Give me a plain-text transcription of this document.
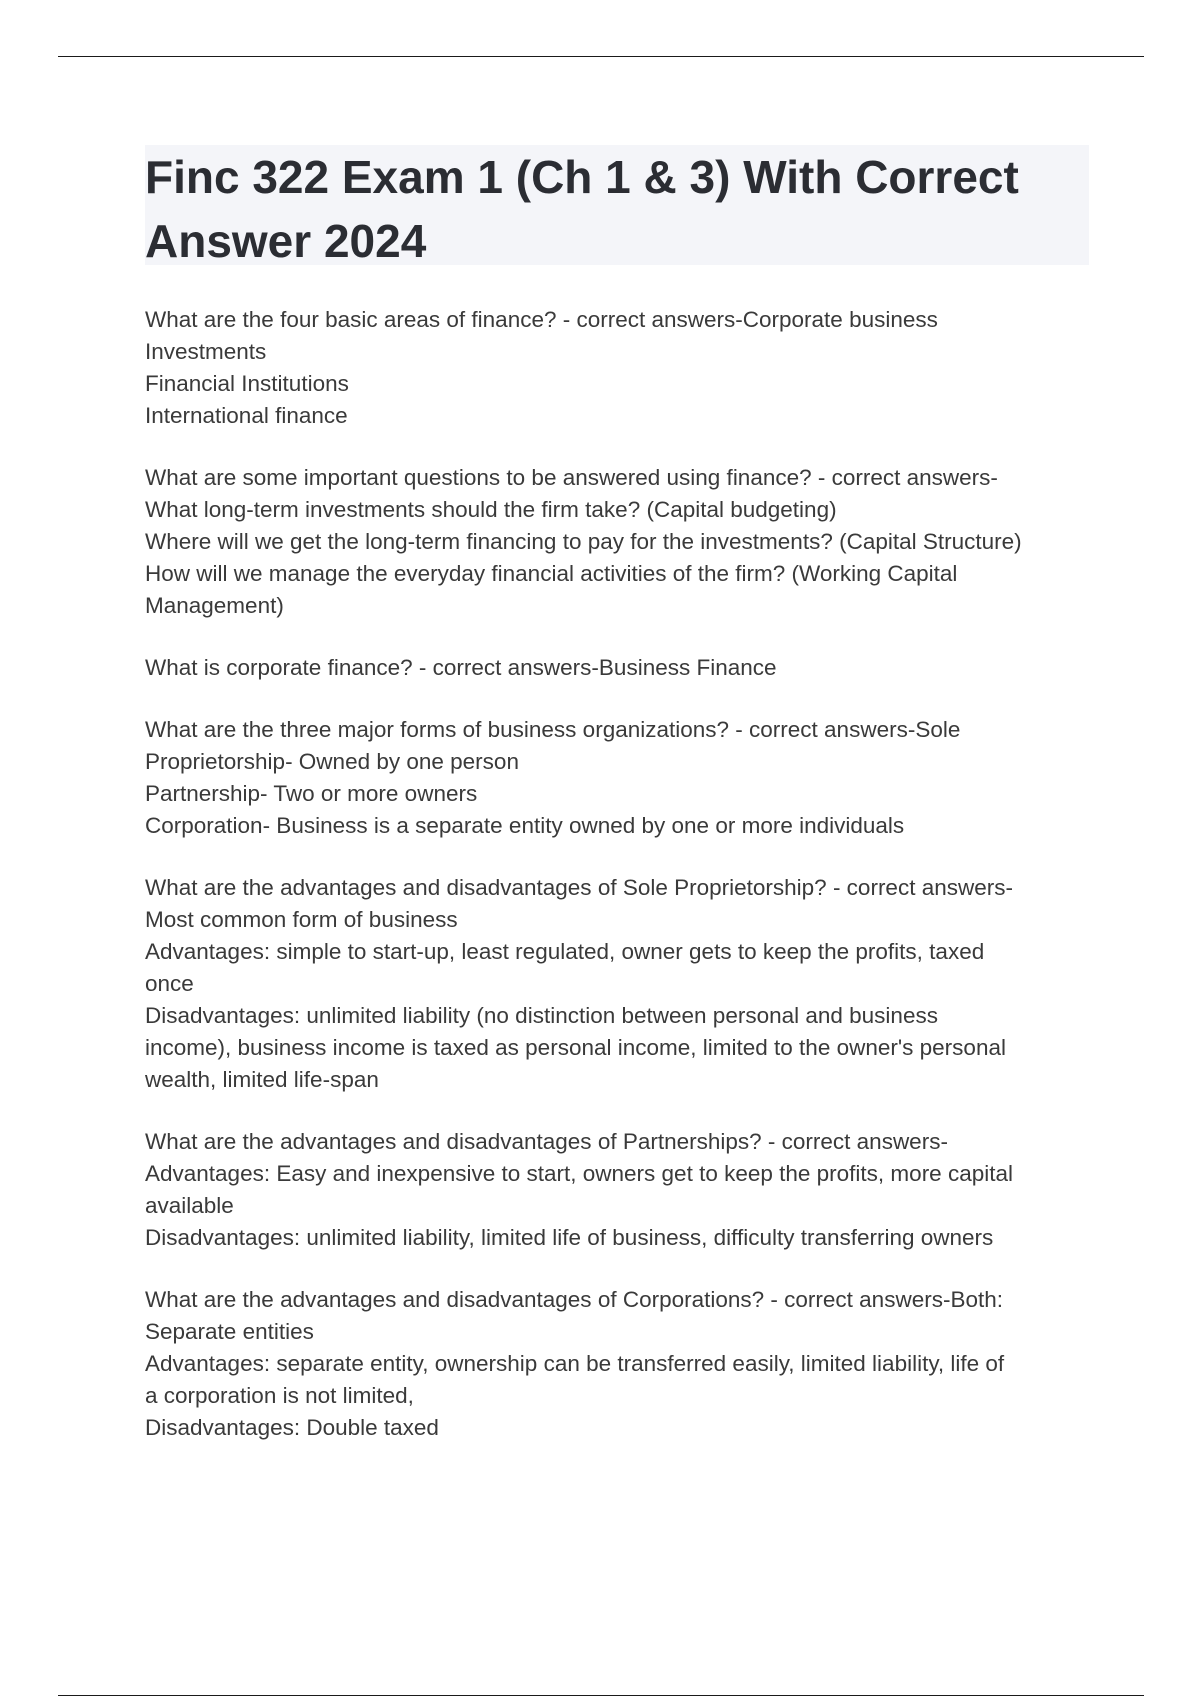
Finc 322 Exam 1 (Ch 1 & 3) With Correct
Answer 2024
What are the four basic areas of finance? - correct answers-Corporate business
Investments
Financial Institutions
International finance
What are some important questions to be answered using finance? - correct answers-
What long-term investments should the firm take? (Capital budgeting)
Where will we get the long-term financing to pay for the investments? (Capital Structure)
How will we manage the everyday financial activities of the firm? (Working Capital
Management)
What is corporate finance? - correct answers-Business Finance
What are the three major forms of business organizations? - correct answers-Sole
Proprietorship- Owned by one person
Partnership- Two or more owners
Corporation- Business is a separate entity owned by one or more individuals
What are the advantages and disadvantages of Sole Proprietorship? - correct answers-
Most common form of business
Advantages: simple to start-up, least regulated, owner gets to keep the profits, taxed
once
Disadvantages: unlimited liability (no distinction between personal and business
income), business income is taxed as personal income, limited to the owner's personal
wealth, limited life-span
What are the advantages and disadvantages of Partnerships? - correct answers-
Advantages: Easy and inexpensive to start, owners get to keep the profits, more capital
available
Disadvantages: unlimited liability, limited life of business, difficulty transferring owners
What are the advantages and disadvantages of Corporations? - correct answers-Both:
Separate entities
Advantages: separate entity, ownership can be transferred easily, limited liability, life of
a corporation is not limited,
Disadvantages: Double taxed
